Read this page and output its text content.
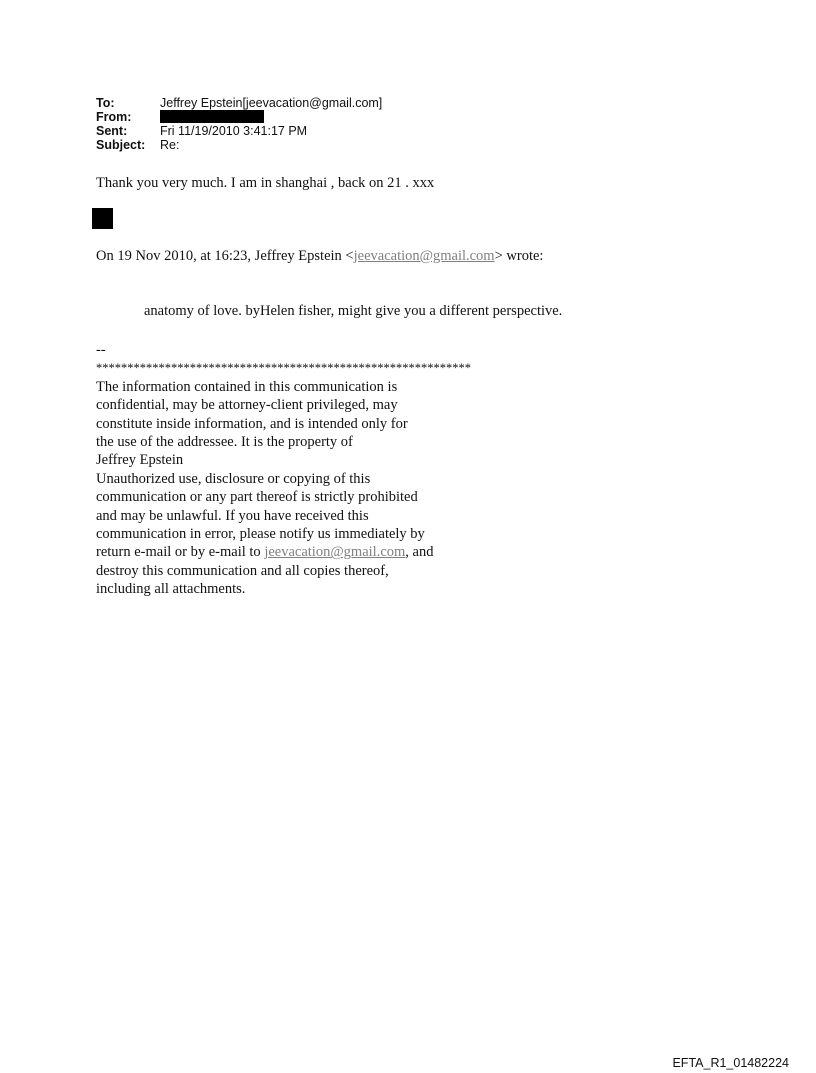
To:	Jeffrey Epstein[jeevacation@gmail.com]
From:
Sent:	Fri 11/19/2010 3:41:17 PM
Subject:	Re:
Thank you very much. I am in shanghai , back on 21 . xxx
On 19 Nov 2010, at 16:23, Jeffrey Epstein <jeevacation@gmail.com> wrote:
anatomy of love. byHelen fisher, might give you a different perspective.
--
************************************************************
The information contained in this communication is
confidential, may be attorney-client privileged, may
constitute inside information, and is intended only for
the use of the addressee. It is the property of
Jeffrey Epstein
Unauthorized use, disclosure or copying of this
communication or any part thereof is strictly prohibited
and may be unlawful. If you have received this
communication in error, please notify us immediately by
return e-mail or by e-mail to jeevacation@gmail.com, and
destroy this communication and all copies thereof,
including all attachments.
EFTA_R1_01482224
